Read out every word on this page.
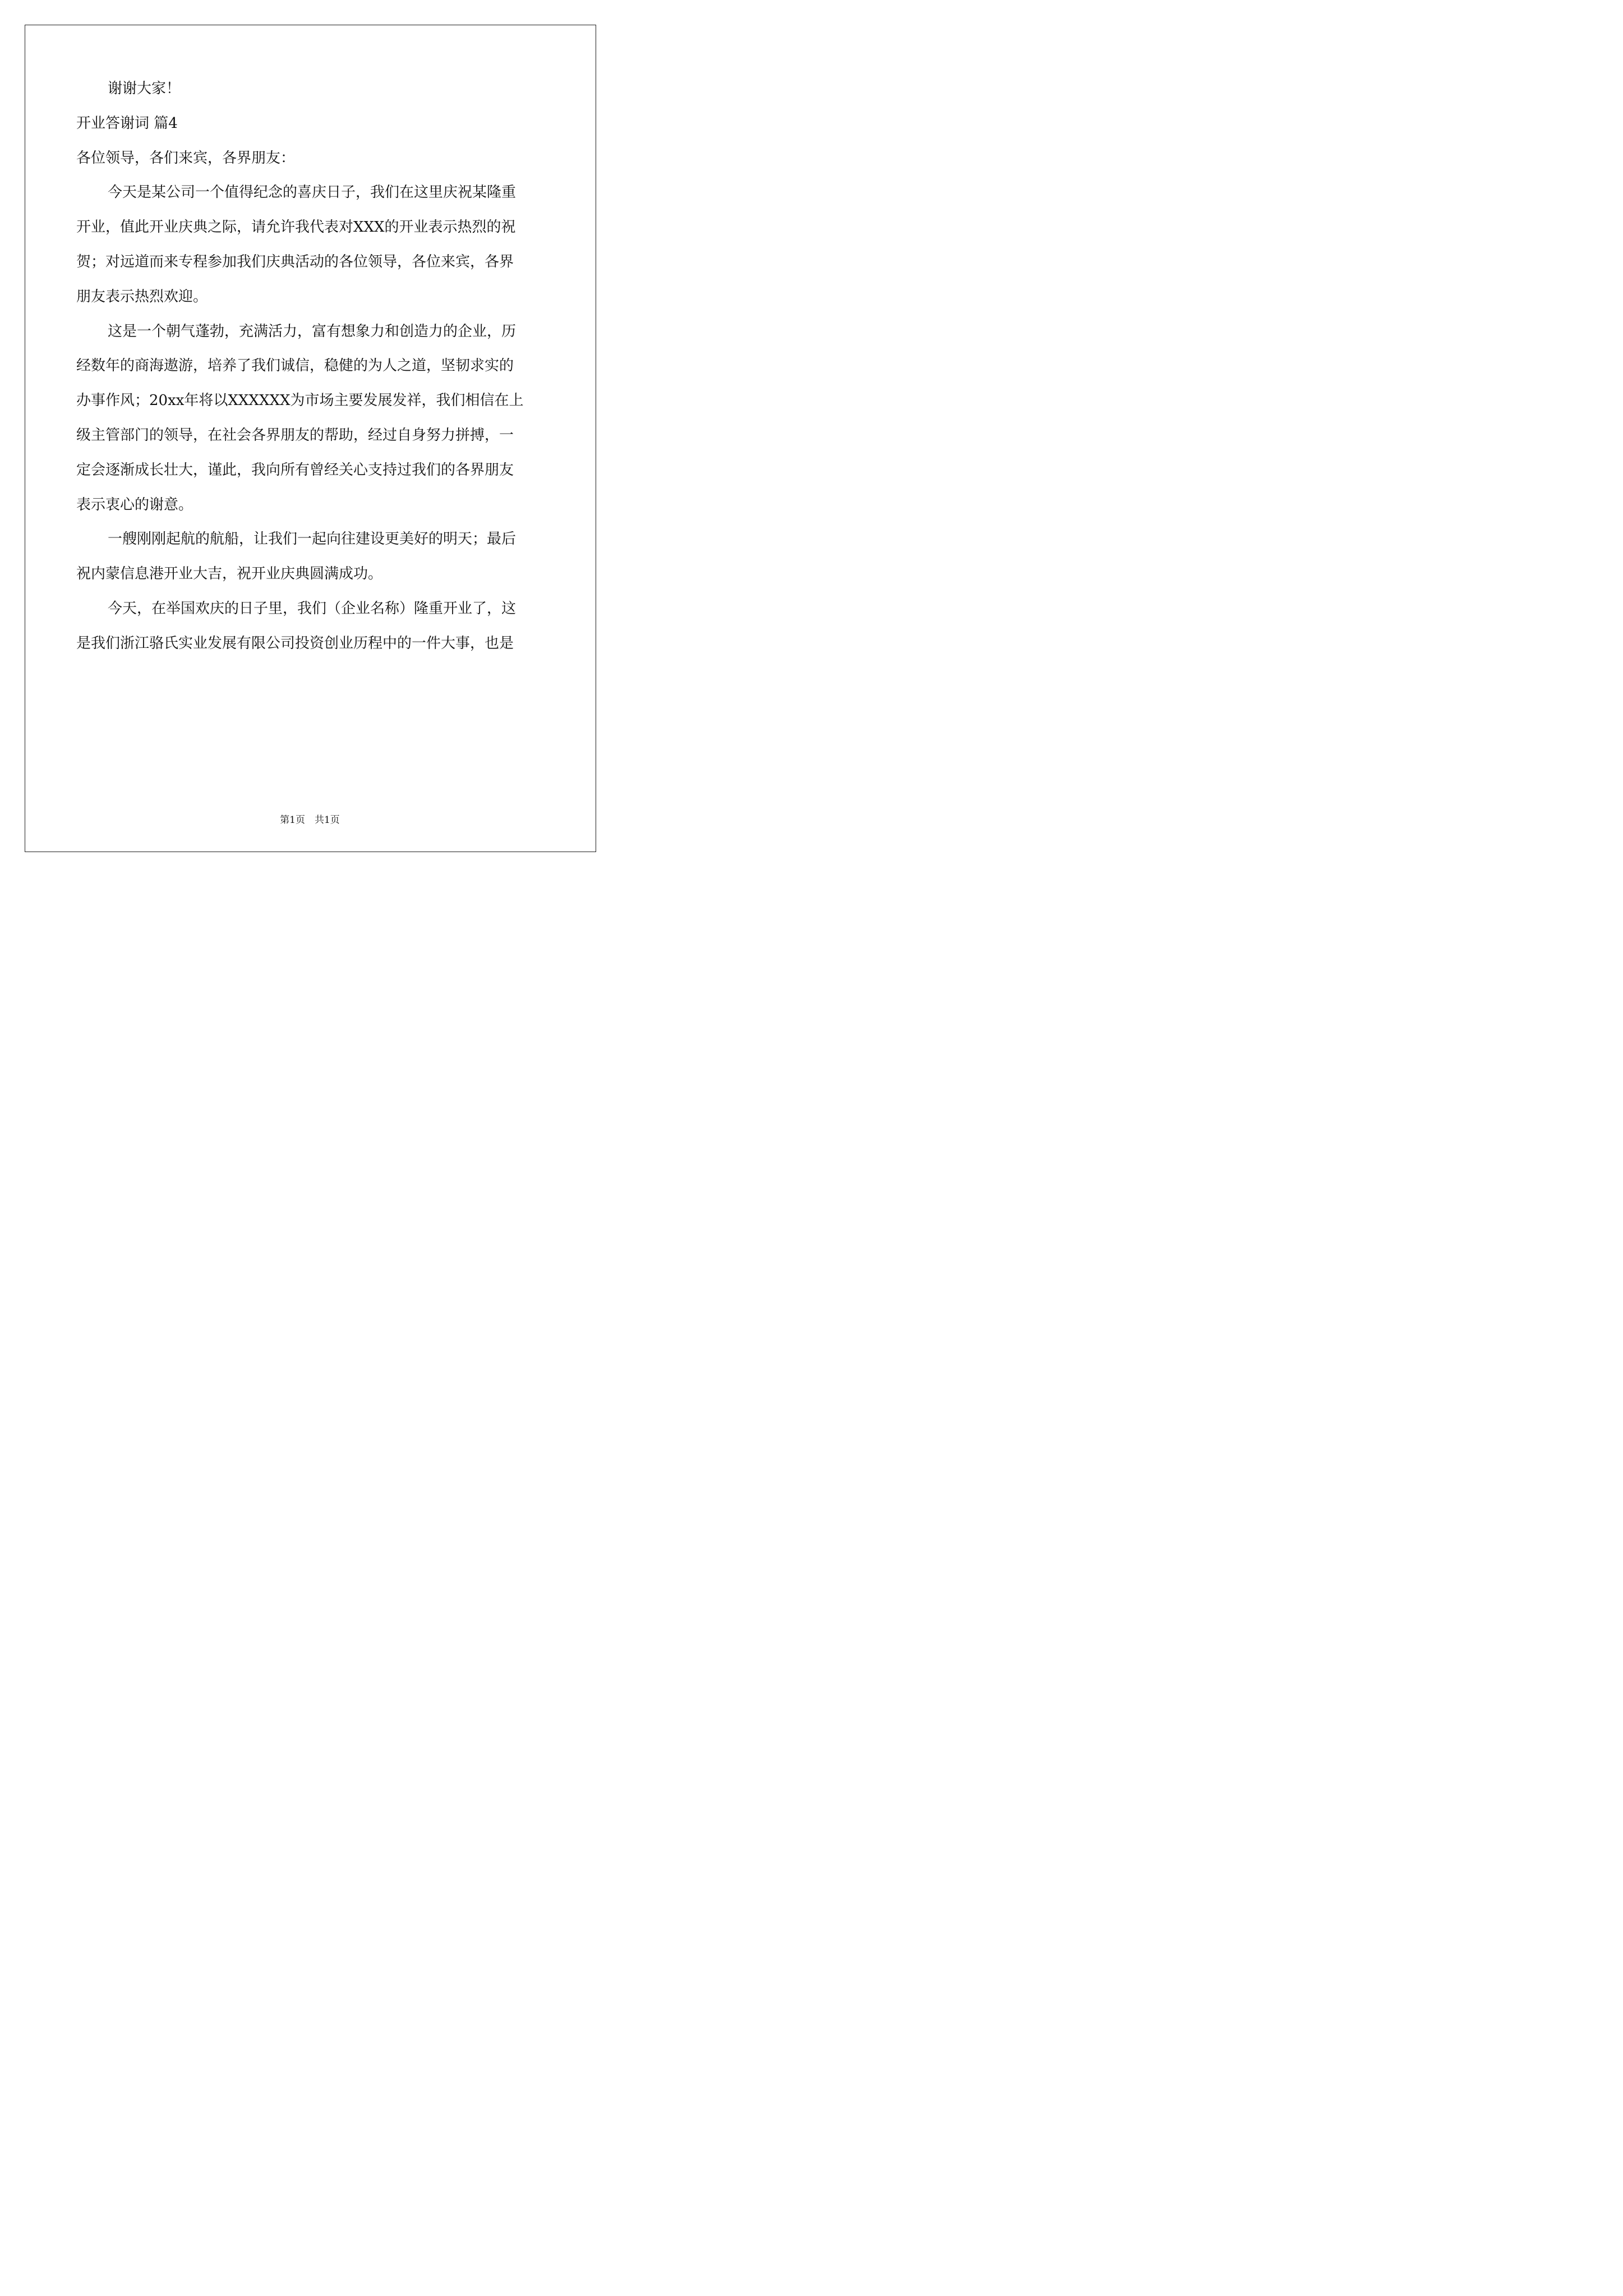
谢谢大家！
开业答谢词 篇4
各位领导，各们来宾，各界朋友：
今天是某公司一个值得纪念的喜庆日子，我们在这里庆祝某隆重
开业，值此开业庆典之际，请允许我代表对XXX的开业表示热烈的祝
贺；对远道而来专程参加我们庆典活动的各位领导，各位来宾，各界
朋友表示热烈欢迎。
这是一个朝气蓬勃，充满活力，富有想象力和创造力的企业，历
经数年的商海遨游，培养了我们诚信，稳健的为人之道，坚韧求实的
办事作风；20xx年将以XXXXXX为市场主要发展发祥，我们相信在上
级主管部门的领导，在社会各界朋友的帮助，经过自身努力拼搏，一
定会逐渐成长壮大，谨此，我向所有曾经关心支持过我们的各界朋友
表示衷心的谢意。
一艘刚刚起航的航船，让我们一起向往建设更美好的明天；最后
祝内蒙信息港开业大吉，祝开业庆典圆满成功。
今天，在举国欢庆的日子里，我们（企业名称）隆重开业了，这
是我们浙江骆氏实业发展有限公司投资创业历程中的一件大事，也是
第1页　共1页
